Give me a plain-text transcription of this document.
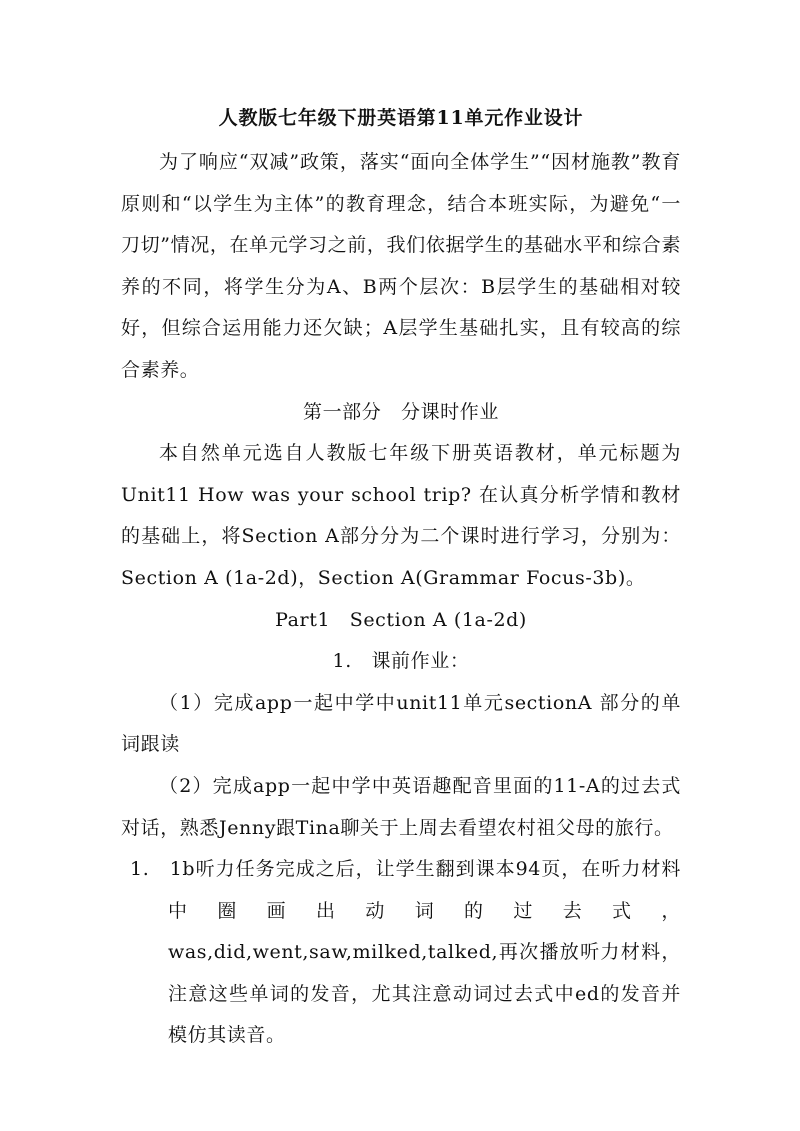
人教版七年级下册英语第11单元作业设计

为了响应“双减”政策，落实“面向全体学生”“因材施教”教育原则和“以学生为主体”的教育理念，结合本班实际，为避免“一刀切”情况，在单元学习之前，我们依据学生的基础水平和综合素养的不同，将学生分为A、B两个层次：B层学生的基础相对较好，但综合运用能力还欠缺；A层学生基础扎实，且有较高的综合素养。

第一部分　分课时作业

本自然单元选自人教版七年级下册英语教材，单元标题为Unit11 How was your school trip? 在认真分析学情和教材的基础上，将Section A部分分为二个课时进行学习，分别为：Section A (1a-2d)，Section A(Grammar Focus-3b)。

Part1　Section A (1a-2d)

1.　课前作业：

（1）完成app一起中学中unit11单元sectionA 部分的单词跟读

（2）完成app一起中学中英语趣配音里面的11-A的过去式对话，熟悉Jenny跟Tina聊关于上周去看望农村祖父母的旅行。

1.　1b听力任务完成之后，让学生翻到课本94页，在听力材料中圈画出动词的过去式，was,did,went,saw,milked,talked,再次播放听力材料，注意这些单词的发音，尤其注意动词过去式中ed的发音并模仿其读音。
